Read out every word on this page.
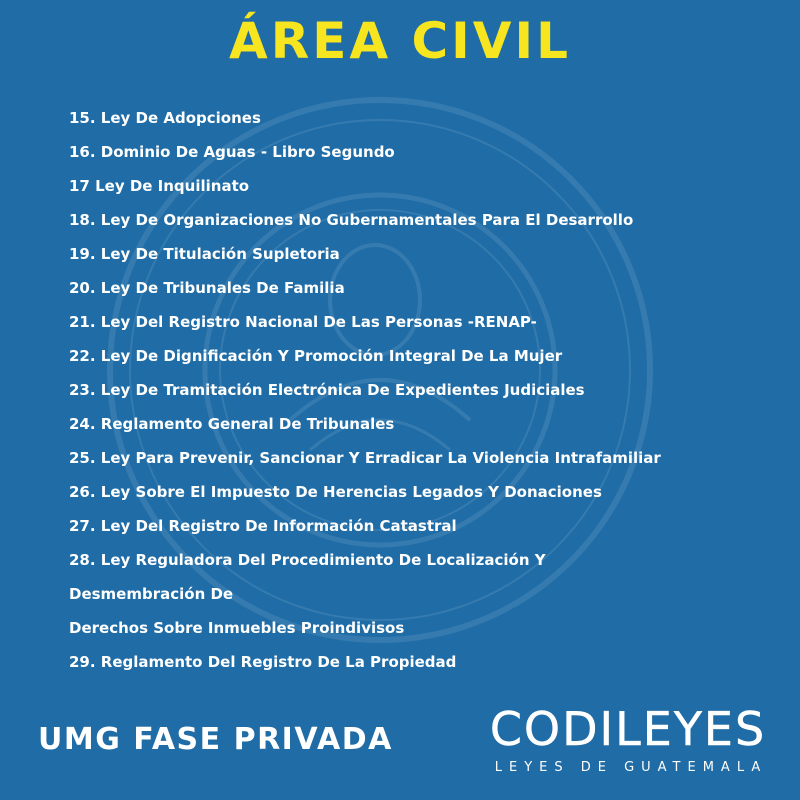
ÁREA CIVIL
15. Ley De Adopciones
16. Dominio De Aguas - Libro Segundo
17 Ley De Inquilinato
18. Ley De Organizaciones No Gubernamentales Para El Desarrollo
19. Ley De Titulación Supletoria
20. Ley De Tribunales De Familia
21. Ley Del Registro Nacional De Las Personas -RENAP-
22. Ley De Dignificación Y Promoción Integral De La Mujer
23. Ley De Tramitación Electrónica De Expedientes Judiciales
24. Reglamento General De Tribunales
25. Ley Para Prevenir, Sancionar Y Erradicar La Violencia Intrafamiliar
26. Ley Sobre El Impuesto De Herencias Legados Y Donaciones
27. Ley Del Registro De Información Catastral
28. Ley Reguladora Del Procedimiento De Localización Y
Desmembración De
Derechos Sobre Inmuebles Proindivisos
29. Reglamento Del Registro De La Propiedad
UMG FASE PRIVADA CODILEYES
LEYES DE GUATEMALA
